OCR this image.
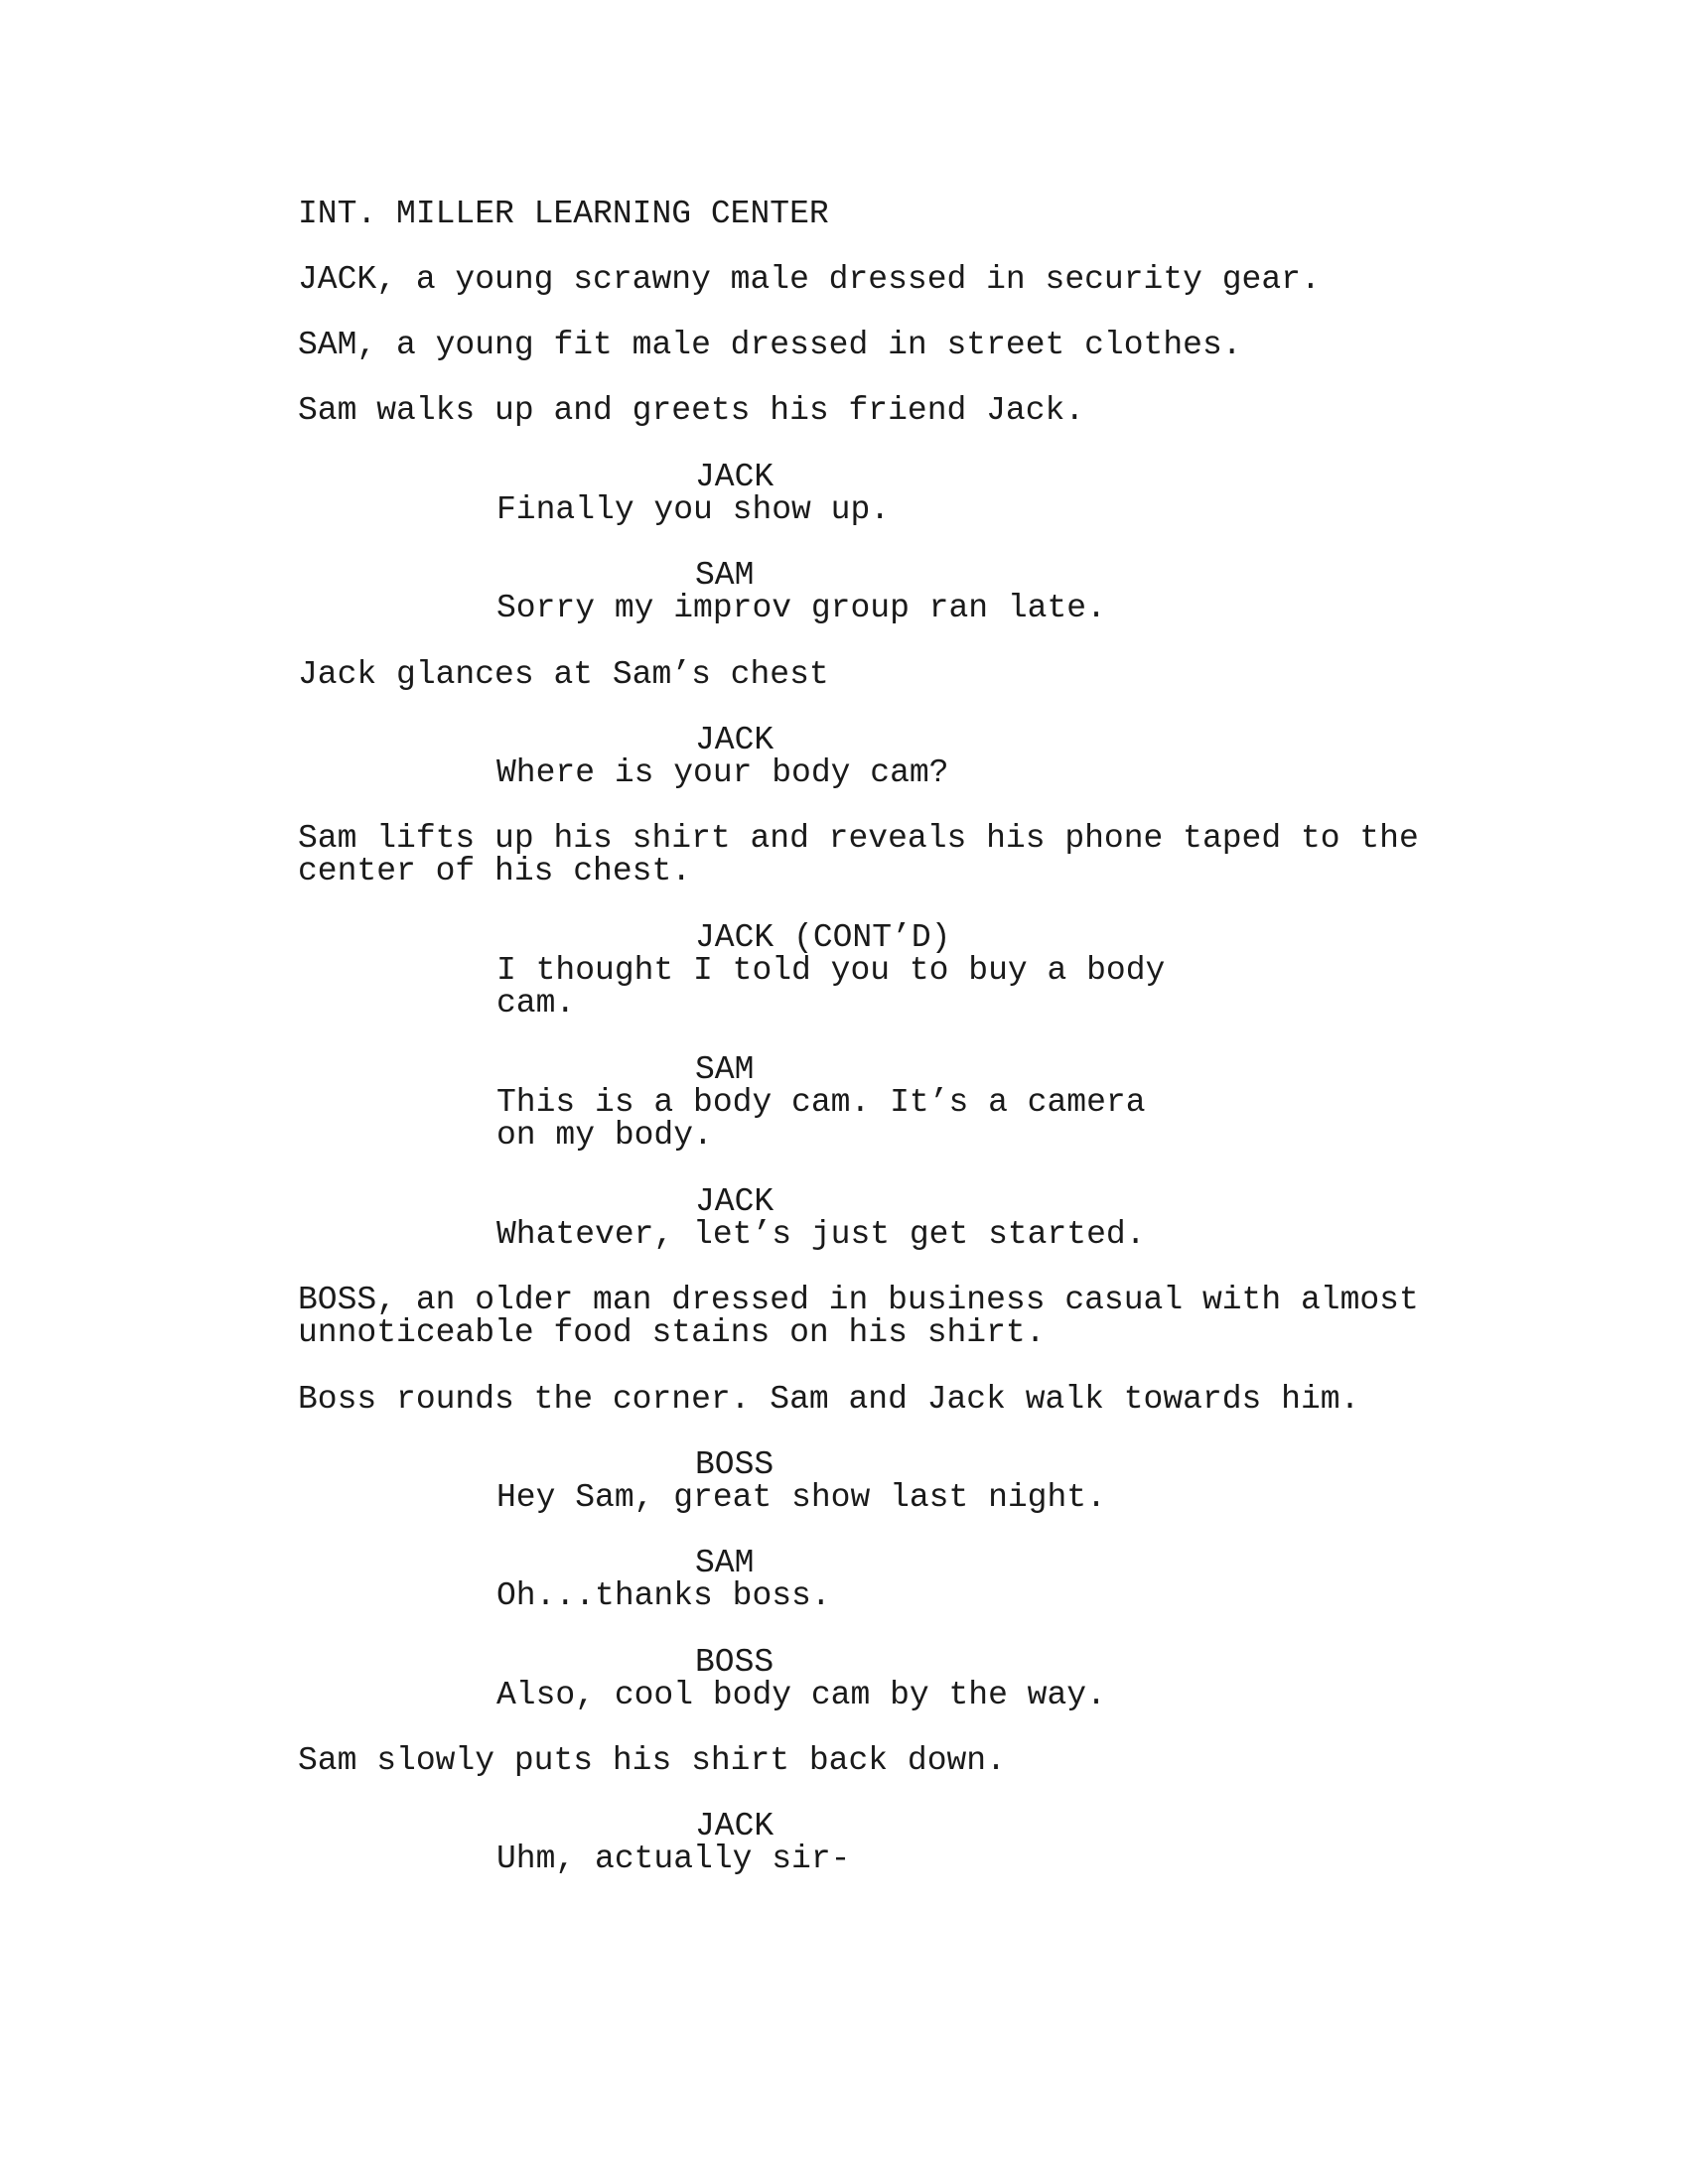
INT. MILLER LEARNING CENTER
JACK, a young scrawny male dressed in security gear.
SAM, a young fit male dressed in street clothes.
Sam walks up and greets his friend Jack.
JACK
Finally you show up.
SAM
Sorry my improv group ran late.
Jack glances at Sam’s chest
JACK
Where is your body cam?
Sam lifts up his shirt and reveals his phone taped to the
center of his chest.
JACK (CONT’D)
I thought I told you to buy a body
cam.
SAM
This is a body cam. It’s a camera
on my body.
JACK
Whatever, let’s just get started.
BOSS, an older man dressed in business casual with almost
unnoticeable food stains on his shirt.
Boss rounds the corner. Sam and Jack walk towards him.
BOSS
Hey Sam, great show last night.
SAM
Oh...thanks boss.
BOSS
Also, cool body cam by the way.
Sam slowly puts his shirt back down.
JACK
Uhm, actually sir-
